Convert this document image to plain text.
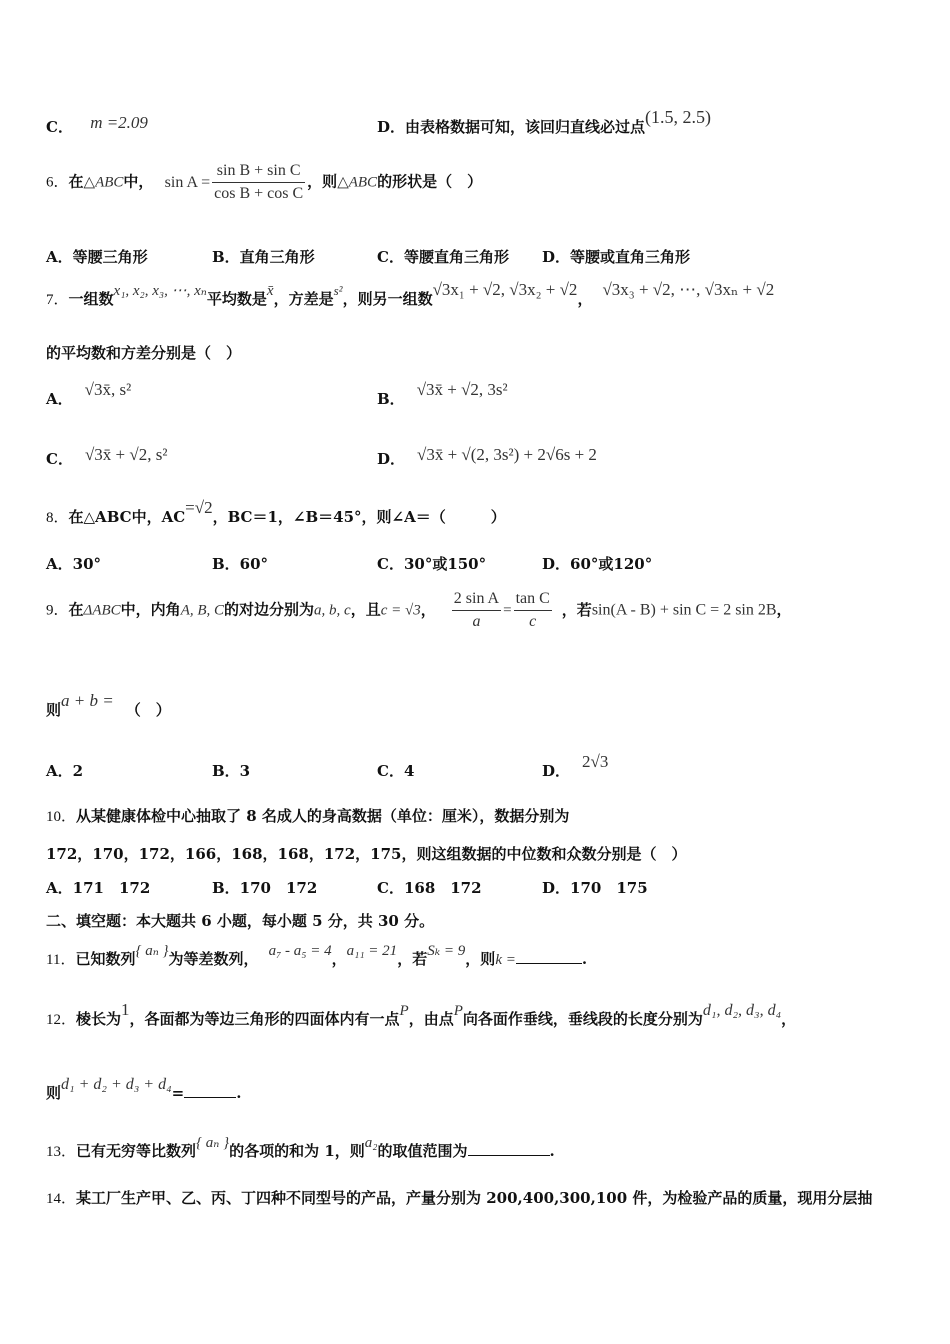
C． m =2.09	D．由表格数据可知，该回归直线必过点(1.5, 2.5)
6．在△ABC中， $\sin A = \frac{\text{sin B + sin C}}{\text{cos B + cos C}}$ ，则△ABC的形状是（　）
A．等腰三角形	B．直角三角形	C．等腰直角三角形 D．等腰或直角三角形
7．一组数x₁, x₂, x₃, ⋯, xₙ平均数是x̄，方差是s²，则另一组数√3x₁ + √2, √3x₂ + √2， √3x₃ + √2, ⋯, √3xₙ + √2
的平均数和方差分别是（　）
A． √3x̄, s²	B． √3x̄ + √2, 3s²
C． √3x̄ + √2, s²	D． √3x̄ + √(2, 3s²) + 2√6s + 2
8．在△ABC中，AC=√2，BC＝1，∠B＝45°，则∠A＝（　　　）
A．30°	B．60°	C．30°或150°	D．60°或120°
9．在ΔABC中，内角A, B, C的对边分别为a, b, c，且c = √3， $\frac{\text{2 sin A}}{a} = \frac{\text{tan C}}{c}$ ，若sin(A - B) + sin C = 2 sin 2B，
则a + b = （　）
A．2	B．3	C．4	D． 2√3
10．从某健康体检中心抽取了 8 名成人的身高数据（单位：厘米），数据分别为
172，170，172，166，168，168，172，175，则这组数据的中位数和众数分别是（　）
A．171　172	B．170　172	C．168　172	D．170　175
二、填空题：本大题共 6 小题，每小题 5 分，共 30 分。
11．已知数列{ aₙ }为等差数列， a₇ - a₅ = 4，a₁₁ = 21，若Sₖ = 9，则k =	.
12．棱长为1，各面都为等边三角形的四面体内有一点P，由点P向各面作垂线，垂线段的长度分别为d₁, d₂, d₃, d₄，
则d₁ + d₂ + d₃ + d₄=	.
13．已有无穷等比数列{ aₙ }的各项的和为 1，则a₂的取值范围为	.
14．某工厂生产甲、乙、丙、丁四种不同型号的产品，产量分别为 200,400,300,100 件，为检验产品的质量，现用分层抽
